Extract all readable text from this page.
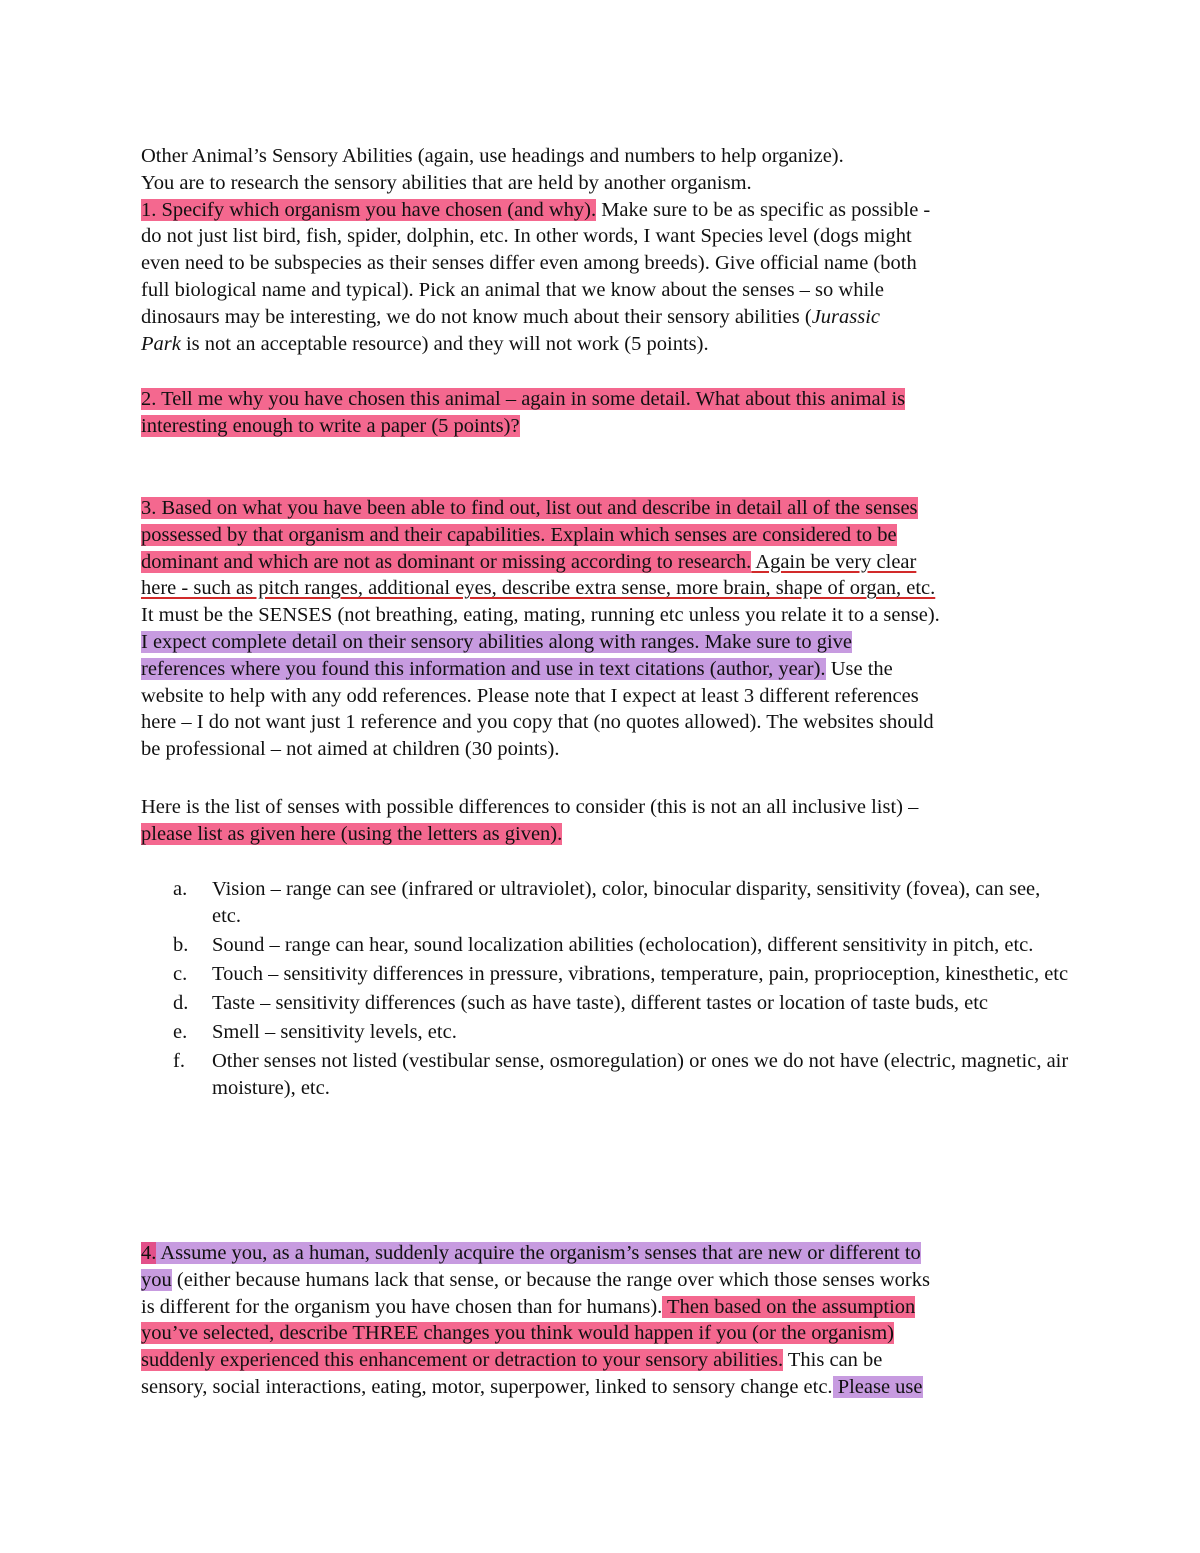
Other Animal’s Sensory Abilities (again, use headings and numbers to help organize).
You are to research the sensory abilities that are held by another organism.
1. Specify which organism you have chosen (and why). Make sure to be as specific as possible -
do not just list bird, fish, spider, dolphin, etc. In other words, I want Species level (dogs might
even need to be subspecies as their senses differ even among breeds). Give official name (both
full biological name and typical). Pick an animal that we know about the senses – so while
dinosaurs may be interesting, we do not know much about their sensory abilities (Jurassic
Park is not an acceptable resource) and they will not work (5 points).
2. Tell me why you have chosen this animal – again in some detail. What about this animal is
interesting enough to write a paper (5 points)?
3. Based on what you have been able to find out, list out and describe in detail all of the senses
possessed by that organism and their capabilities. Explain which senses are considered to be
dominant and which are not as dominant or missing according to research. Again be very clear
here - such as pitch ranges, additional eyes, describe extra sense, more brain, shape of organ, etc.
It must be the SENSES (not breathing, eating, mating, running etc unless you relate it to a sense).
I expect complete detail on their sensory abilities along with ranges. Make sure to give
references where you found this information and use in text citations (author, year). Use the
website to help with any odd references. Please note that I expect at least 3 different references
here – I do not want just 1 reference and you copy that (no quotes allowed). The websites should
be professional – not aimed at children (30 points).
Here is the list of senses with possible differences to consider (this is not an all inclusive list) –
please list as given here (using the letters as given).
a.	Vision – range can see (infrared or ultraviolet), color, binocular disparity, sensitivity (fovea), can see, etc.
b.	Sound – range can hear, sound localization abilities (echolocation), different sensitivity in pitch, etc.
c.	Touch – sensitivity differences in pressure, vibrations, temperature, pain, proprioception, kinesthetic, etc
d.	Taste – sensitivity differences (such as have taste), different tastes or location of taste buds, etc
e.	Smell – sensitivity levels, etc.
f.	Other senses not listed (vestibular sense, osmoregulation) or ones we do not have (electric, magnetic, air moisture), etc.
4. Assume you, as a human, suddenly acquire the organism’s senses that are new or different to
you (either because humans lack that sense, or because the range over which those senses works
is different for the organism you have chosen than for humans). Then based on the assumption
you’ve selected, describe THREE changes you think would happen if you (or the organism)
suddenly experienced this enhancement or detraction to your sensory abilities. This can be
sensory, social interactions, eating, motor, superpower, linked to sensory change etc. Please use
